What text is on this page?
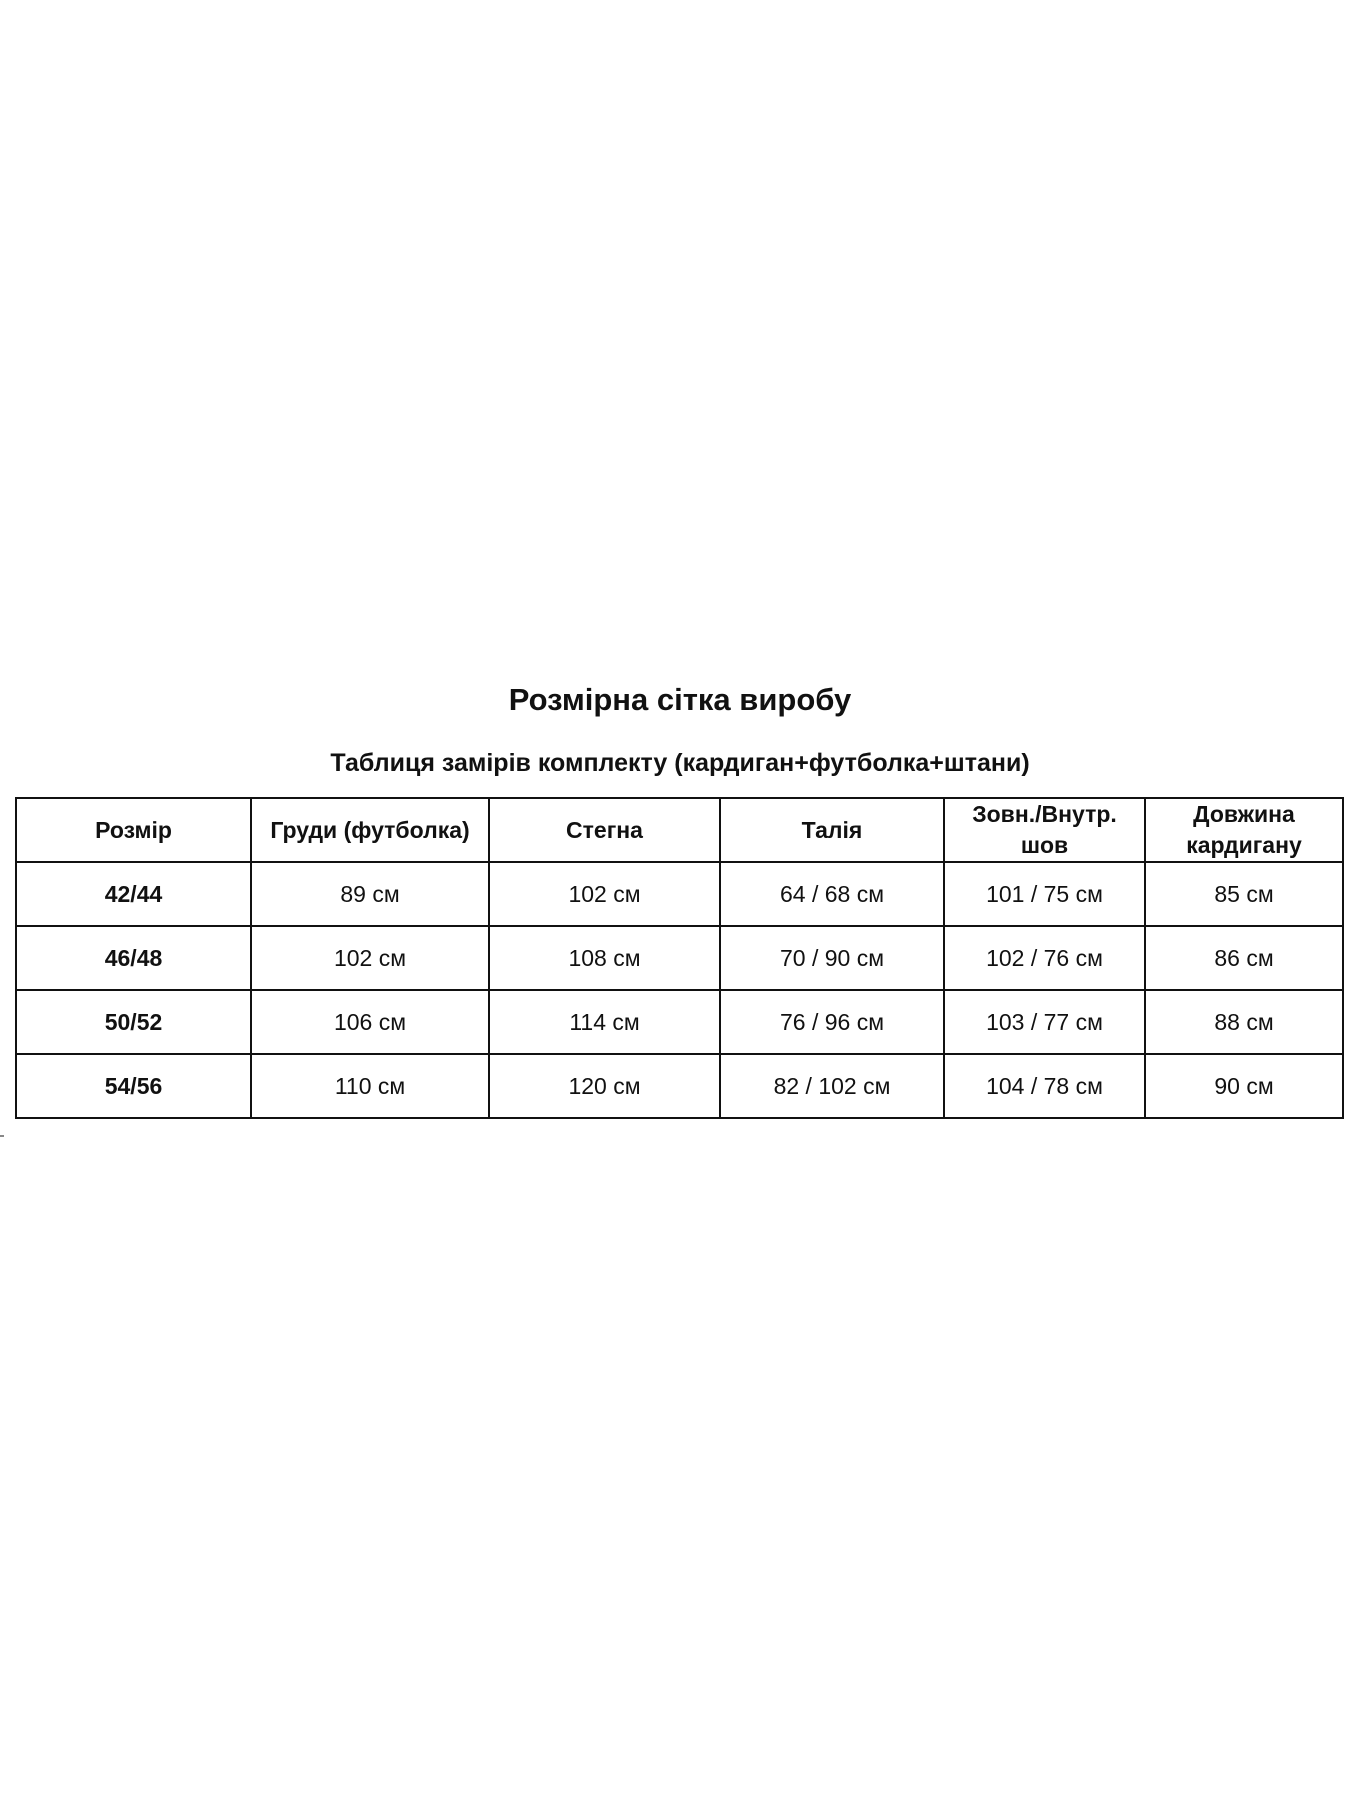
Розмірна сітка виробу
Таблиця замірів комплекту (кардиган+футболка+штани)
Розмір	Груди (футболка)	Стегна	Талія	Зовн./Внутр. шов	Довжина кардигану
42/44	89 см	102 см	64 / 68 см	101 / 75 см	85 см
46/48	102 см	108 см	70 / 90 см	102 / 76 см	86 см
50/52	106 см	114 см	76 / 96 см	103 / 77 см	88 см
54/56	110 см	120 см	82 / 102 см	104 / 78 см	90 см
